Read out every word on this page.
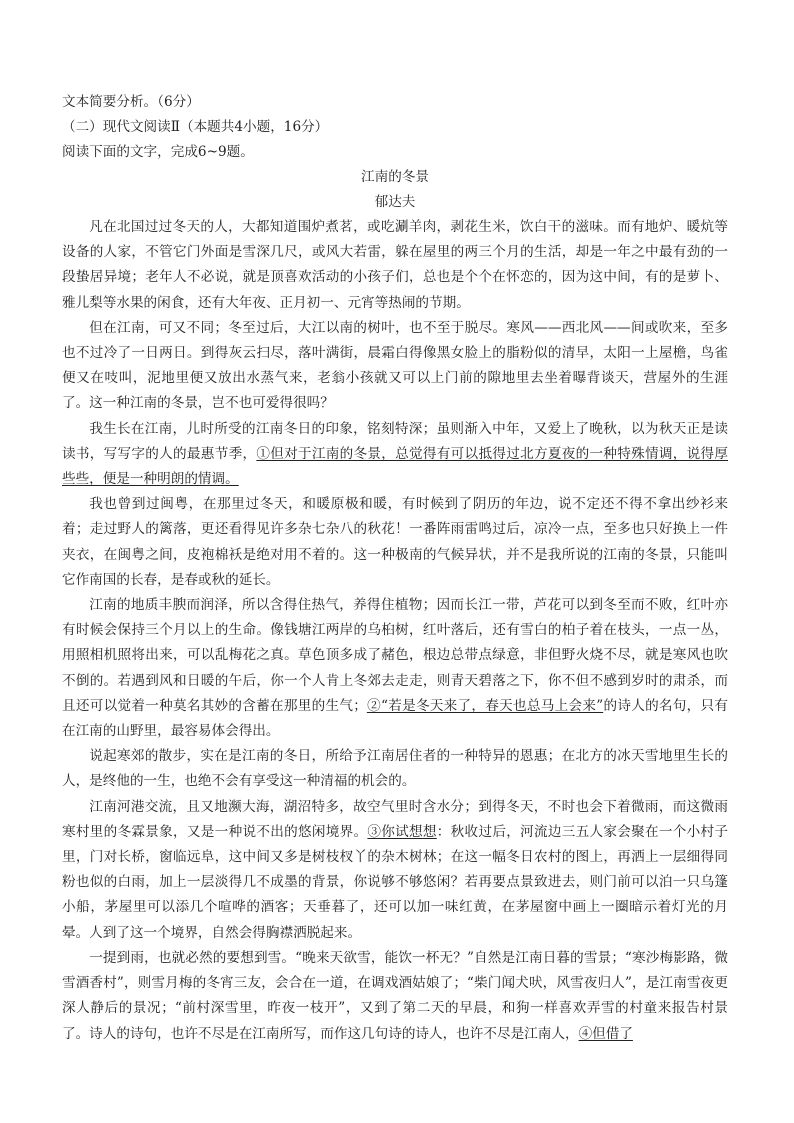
文本简要分析。（6分）

（二）现代文阅读Ⅱ（本题共4小题，16分）

阅读下面的文字，完成6~9题。

江南的冬景

郁达夫

凡在北国过过冬天的人，大都知道围炉煮茗，或吃涮羊肉，剥花生米，饮白干的滋味。而有地炉、暖炕等设备的人家，不管它门外面是雪深几尺，或风大若雷，躲在屋里的两三个月的生活，却是一年之中最有劲的一段蛰居异境；老年人不必说，就是顶喜欢活动的小孩子们，总也是个个在怀恋的，因为这中间，有的是萝卜、雅儿梨等水果的闲食，还有大年夜、正月初一、元宵等热闹的节期。

但在江南，可又不同；冬至过后，大江以南的树叶，也不至于脱尽。寒风——西北风——间或吹来，至多也不过冷了一日两日。到得灰云扫尽，落叶满街，晨霜白得像黑女脸上的脂粉似的清早，太阳一上屋檐，鸟雀便又在吱叫，泥地里便又放出水蒸气来，老翁小孩就又可以上门前的隙地里去坐着曝背谈天，营屋外的生涯了。这一种江南的冬景，岂不也可爱得很吗？

我生长在江南，儿时所受的江南冬日的印象，铭刻特深；虽则渐入中年，又爱上了晚秋，以为秋天正是读读书，写写字的人的最惠节季，①但对于江南的冬景，总觉得有可以抵得过北方夏夜的一种特殊情调，说得厚些些，便是一种明朗的情调。

我也曾到过闽粤，在那里过冬天，和暖原极和暖，有时候到了阴历的年边，说不定还不得不拿出纱衫来着；走过野人的篱落，更还看得见许多杂七杂八的秋花！一番阵雨雷鸣过后，凉冷一点，至多也只好换上一件夹衣，在闽粤之间，皮袍棉袄是绝对用不着的。这一种极南的气候异状，并不是我所说的江南的冬景，只能叫它作南国的长春，是春或秋的延长。

江南的地质丰腴而润泽，所以含得住热气，养得住植物；因而长江一带，芦花可以到冬至而不败，红叶亦有时候会保持三个月以上的生命。像钱塘江两岸的乌桕树，红叶落后，还有雪白的柏子着在枝头，一点一丛，用照相机照将出来，可以乱梅花之真。草色顶多成了赭色，根边总带点绿意，非但野火烧不尽，就是寒风也吹不倒的。若遇到风和日暖的午后，你一个人肯上冬郊去走走，则青天碧落之下，你不但不感到岁时的肃杀，而且还可以觉着一种莫名其妙的含蓄在那里的生气；②“若是冬天来了，春天也总马上会来”的诗人的名句，只有在江南的山野里，最容易体会得出。

说起寒郊的散步，实在是江南的冬日，所给予江南居住者的一种特异的恩惠；在北方的冰天雪地里生长的人，是终他的一生，也绝不会有享受这一种清福的机会的。

江南河港交流，且又地濒大海，湖沼特多，故空气里时含水分；到得冬天，不时也会下着微雨，而这微雨寒村里的冬霖景象，又是一种说不出的悠闲境界。③你试想想：秋收过后，河流边三五人家会聚在一个小村子里，门对长桥，窗临远阜，这中间又多是树枝杈丫的杂木树林；在这一幅冬日农村的图上，再洒上一层细得同粉也似的白雨，加上一层淡得几不成墨的背景，你说够不够悠闲？若再要点景致进去，则门前可以泊一只乌篷小船，茅屋里可以添几个喧哗的酒客；天垂暮了，还可以加一味红黄，在茅屋窗中画上一圈暗示着灯光的月晕。人到了这一个境界，自然会得胸襟洒脱起来。

一提到雨，也就必然的要想到雪。“晚来天欲雪，能饮一杯无？”自然是江南日暮的雪景；“寒沙梅影路，微雪酒香村”，则雪月梅的冬宵三友，会合在一道，在调戏酒姑娘了；“柴门闻犬吠，风雪夜归人”，是江南雪夜更深人静后的景况；“前村深雪里，昨夜一枝开”，又到了第二天的早晨，和狗一样喜欢弄雪的村童来报告村景了。诗人的诗句，也许不尽是在江南所写，而作这几句诗的诗人，也许不尽是江南人，④但借了
